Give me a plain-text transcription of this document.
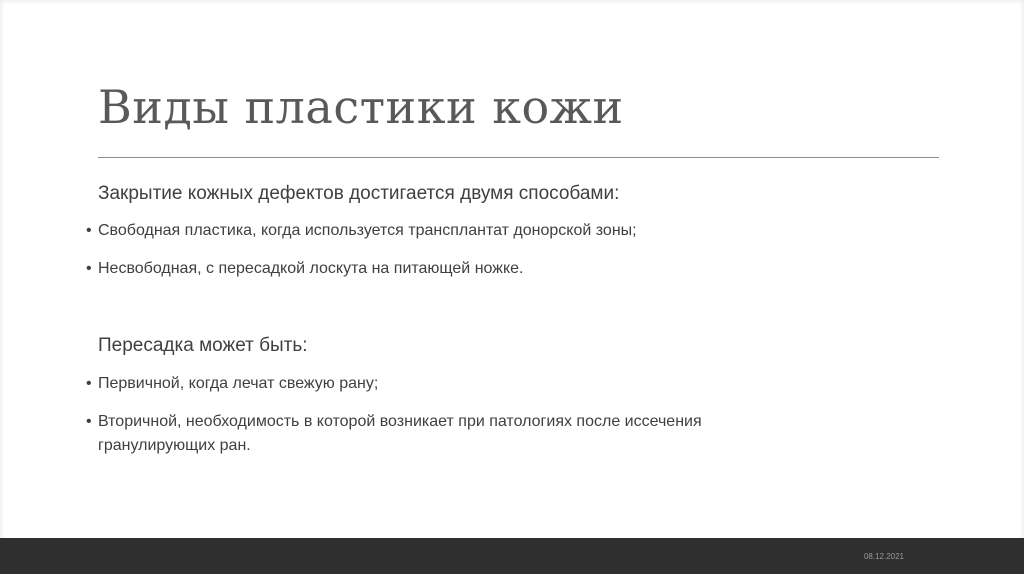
Виды пластики кожи

Закрытие кожных дефектов достигается двумя способами:

• Свободная пластика, когда используется трансплантат донорской зоны;
• Несвободная, с пересадкой лоскута на питающей ножке.

Пересадка может быть:

• Первичной, когда лечат свежую рану;
• Вторичной, необходимость в которой возникает при патологиях после иссечения гранулирующих ран.
08.12.2021
